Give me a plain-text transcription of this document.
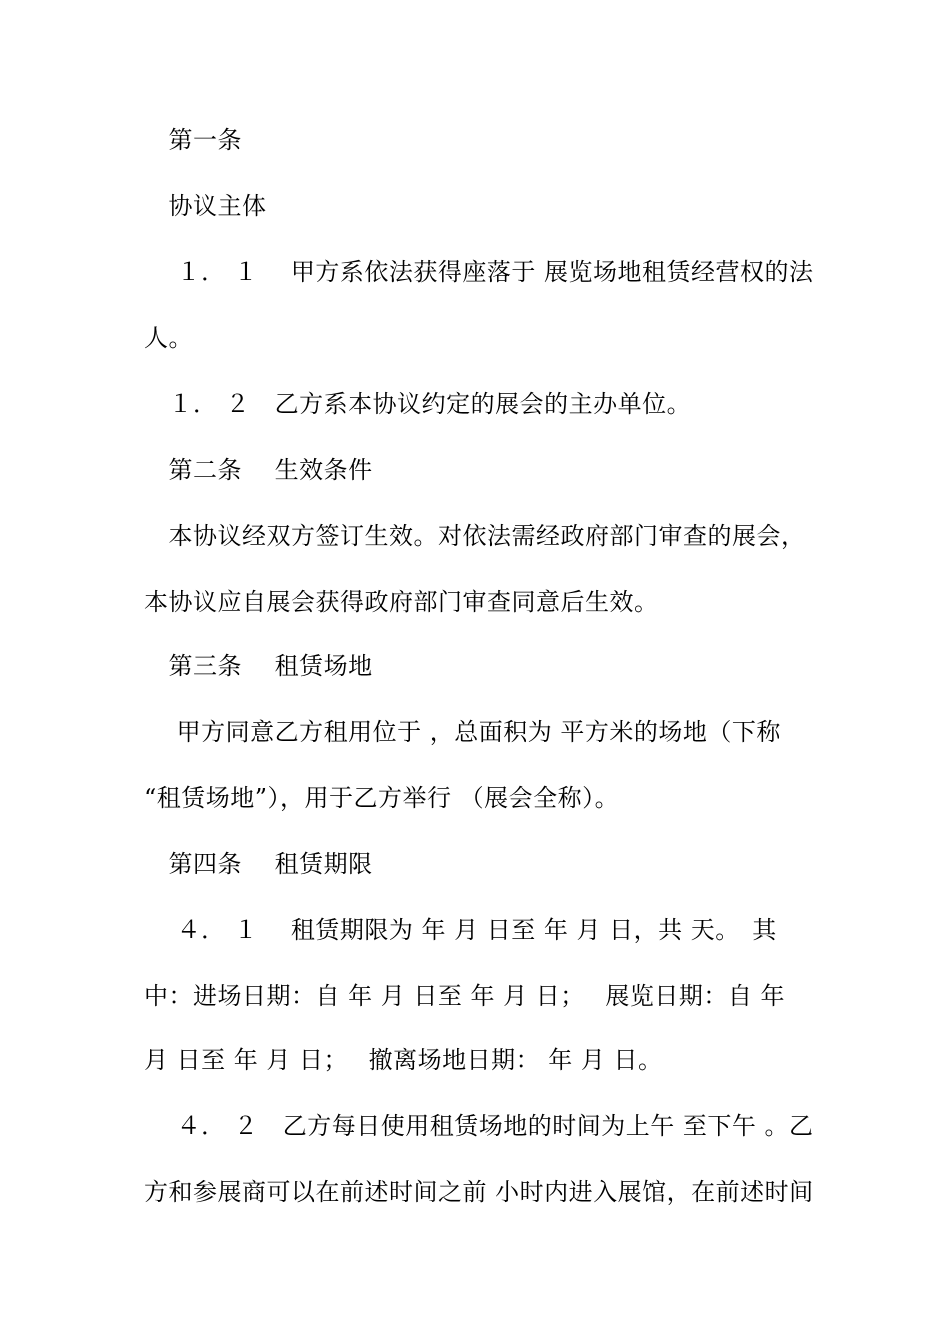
　第一条
　协议主体
　 １． １　 甲方系依法获得座落于 展览场地租赁经营权的法
人。
　１． ２　乙方系本协议约定的展会的主办单位。
　第二条　 生效条件
　本协议经双方签订生效。对依法需经政府部门审查的展会，
本协议应自展会获得政府部门审查同意后生效。
　第三条　 租赁场地
　 甲方同意乙方租用位于 ，总面积为 平方米的场地（下称
“租赁场地”），用于乙方举行 （展会全称）。
　第四条　 租赁期限
　 ４． １　 租赁期限为 年 月 日至 年 月 日，共 天。　其
中：进场日期：自 年 月 日至 年 月 日；　 展览日期：自 年
月 日至 年 月 日；　 撤离场地日期： 年 月 日。
　 ４． ２　乙方每日使用租赁场地的时间为上午 至下午 。乙
方和参展商可以在前述时间之前 小时内进入展馆，在前述时间
